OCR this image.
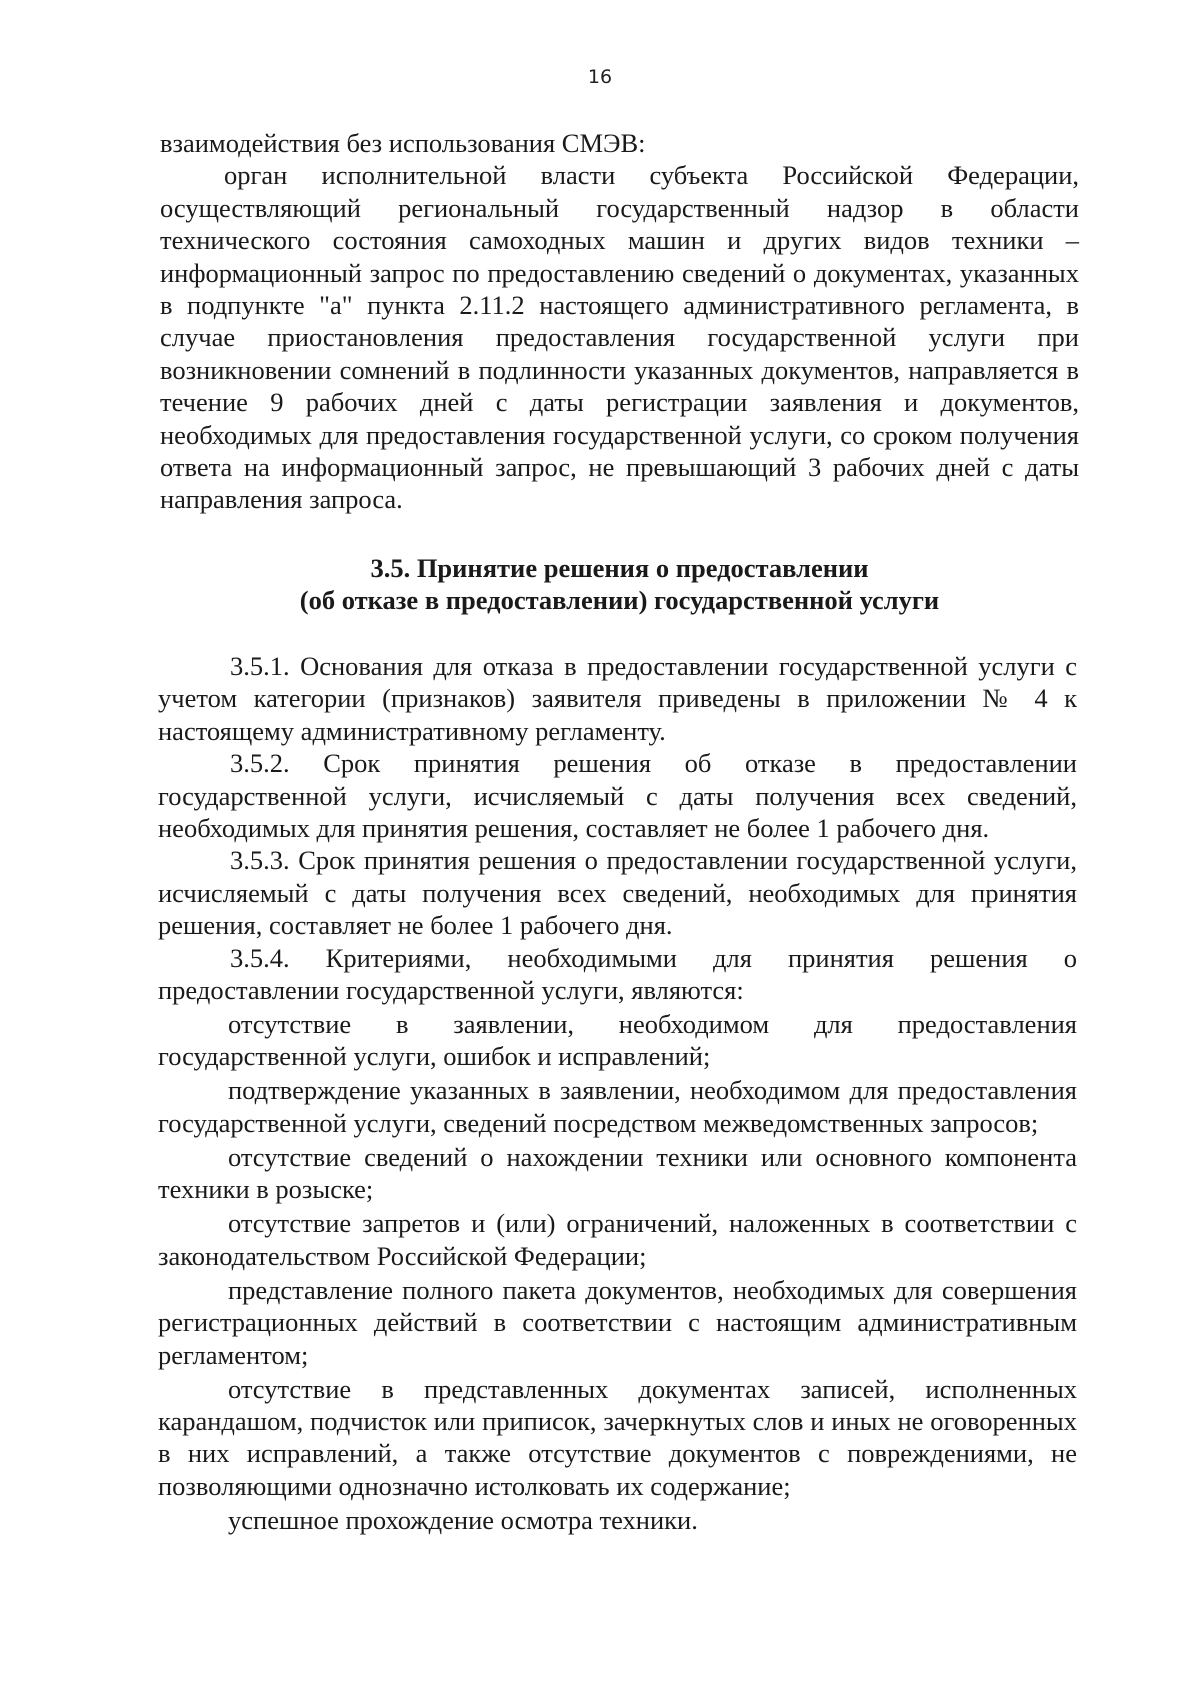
16

взаимодействия без использования СМЭВ:

орган исполнительной власти субъекта Российской Федерации, осуществляющий региональный государственный надзор в области технического состояния самоходных машин и других видов техники – информационный запрос по предоставлению сведений о документах, указанных в подпункте "а" пункта 2.11.2 настоящего административного регламента, в случае приостановления предоставления государственной услуги при возникновении сомнений в подлинности указанных документов, направляется в течение 9 рабочих дней с даты регистрации заявления и документов, необходимых для предоставления государственной услуги, со сроком получения ответа на информационный запрос, не превышающий 3 рабочих дней с даты направления запроса.

3.5. Принятие решения о предоставлении
(об отказе в предоставлении) государственной услуги

3.5.1. Основания для отказа в предоставлении государственной услуги с учетом категории (признаков) заявителя приведены в приложении № 4 к настоящему административному регламенту.

3.5.2. Срок принятия решения об отказе в предоставлении государственной услуги, исчисляемый с даты получения всех сведений, необходимых для принятия решения, составляет не более 1 рабочего дня.

3.5.3. Срок принятия решения о предоставлении государственной услуги, исчисляемый с даты получения всех сведений, необходимых для принятия решения, составляет не более 1 рабочего дня.

3.5.4. Критериями, необходимыми для принятия решения о предоставлении государственной услуги, являются:

отсутствие в заявлении, необходимом для предоставления государственной услуги, ошибок и исправлений;

подтверждение указанных в заявлении, необходимом для предоставления государственной услуги, сведений посредством межведомственных запросов;

отсутствие сведений о нахождении техники или основного компонента техники в розыске;

отсутствие запретов и (или) ограничений, наложенных в соответствии с законодательством Российской Федерации;

представление полного пакета документов, необходимых для совершения регистрационных действий в соответствии с настоящим административным регламентом;

отсутствие в представленных документах записей, исполненных карандашом, подчисток или приписок, зачеркнутых слов и иных не оговоренных в них исправлений, а также отсутствие документов с повреждениями, не позволяющими однозначно истолковать их содержание;

успешное прохождение осмотра техники.
